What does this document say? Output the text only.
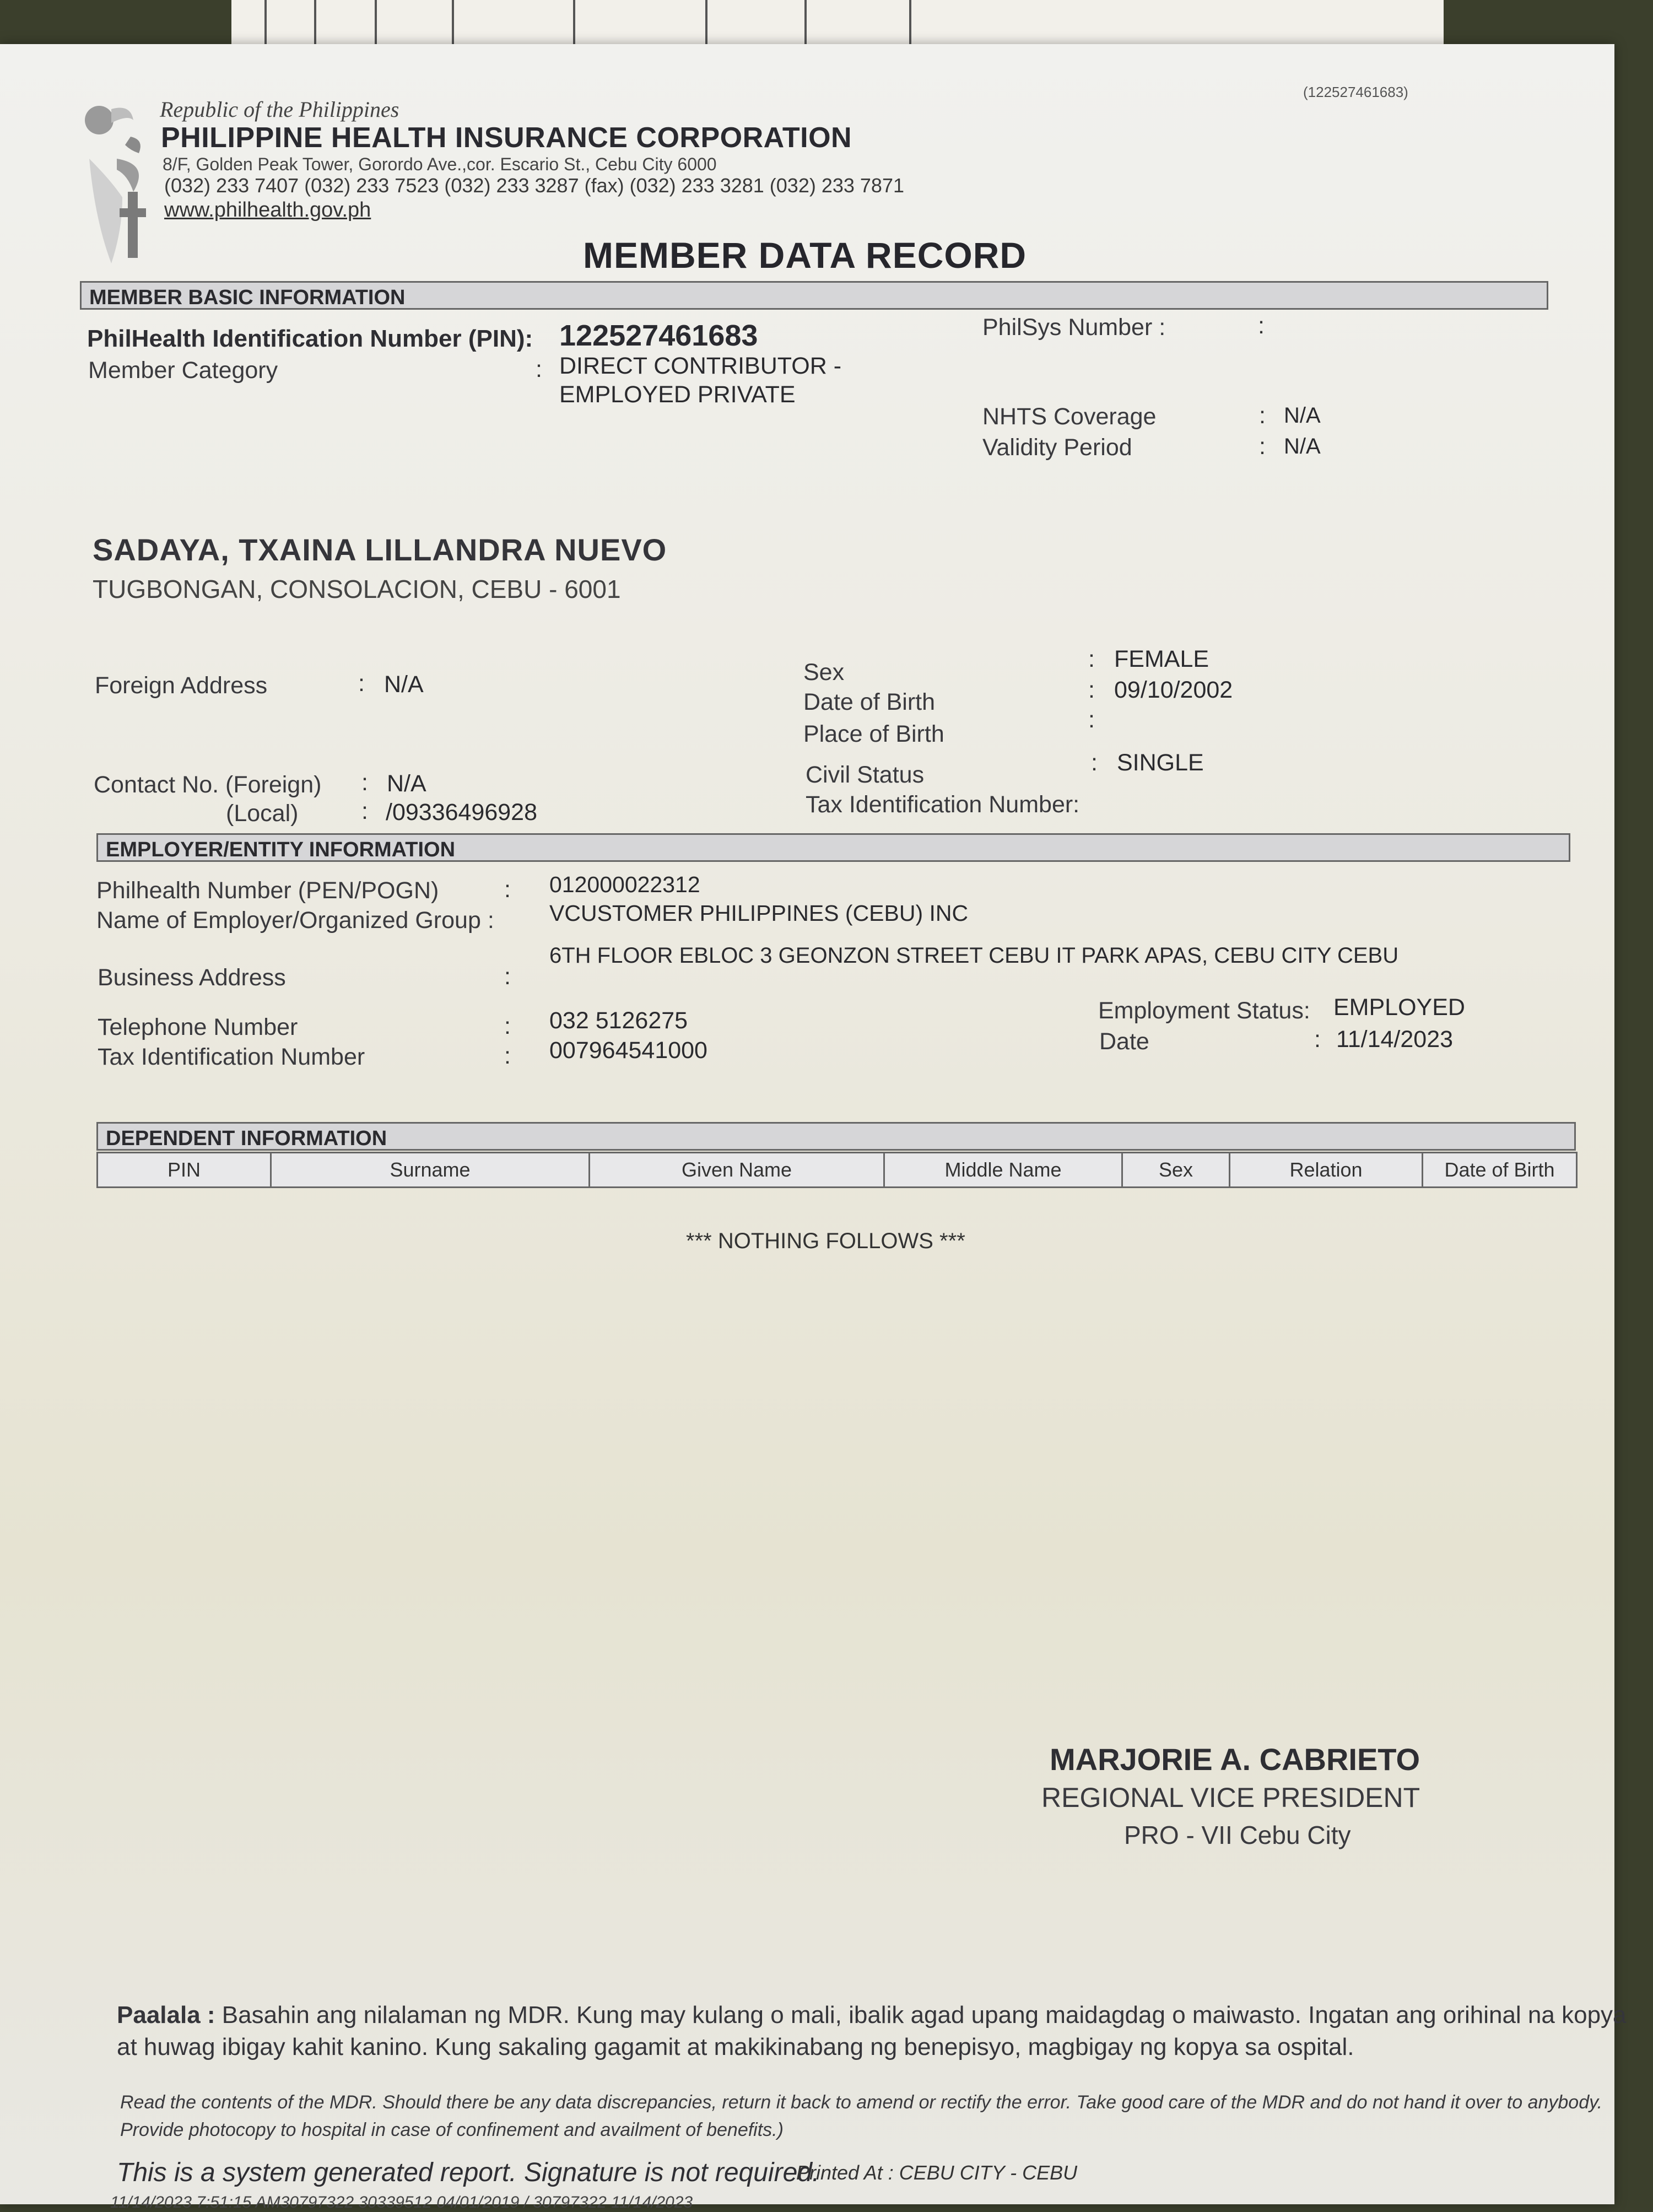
(122527461683)
Republic of the Philippines
PHILIPPINE HEALTH INSURANCE CORPORATION
8/F, Golden Peak Tower, Gorordo Ave.,cor. Escario St., Cebu City 6000
(032) 233 7407 (032) 233 7523 (032) 233 3287 (fax) (032) 233 3281 (032) 233 7871
www.philhealth.gov.ph
MEMBER DATA RECORD
MEMBER BASIC INFORMATION
PhilHealth Identification Number (PIN): 122527461683	PhilSys Number :	:
Member Category	: DIRECT CONTRIBUTOR -
EMPLOYED PRIVATE
NHTS Coverage	: N/A
Validity Period	: N/A
SADAYA, TXAINA LILLANDRA NUEVO
TUGBONGAN, CONSOLACION, CEBU - 6001
Foreign Address	: N/A	Sex	: FEMALE
Date of Birth	: 09/10/2002
Place of Birth
:
Contact No. (Foreign) : N/A
(Local)	: /09336496928
Civil Status	: SINGLE
Tax Identification Number:
EMPLOYER/ENTITY INFORMATION
Philhealth Number (PEN/POGN)	: 012000022312
Name of Employer/Organized Group : VCUSTOMER PHILIPPINES (CEBU) INC
Business Address	:
6TH FLOOR EBLOC 3 GEONZON STREET CEBU IT PARK APAS, CEBU CITY CEBU
Telephone Number	: 032 5126275
Tax Identification Number	: 007964541000
Employment Status: EMPLOYED
Date	: 11/14/2023
DEPENDENT INFORMATION
PIN	Surname	Given Name	Middle Name	Sex	Relation	Date of Birth
*** NOTHING FOLLOWS ***
MARJORIE A. CABRIETO
REGIONAL VICE PRESIDENT
PRO - VII Cebu City
Paalala : Basahin ang nilalaman ng MDR. Kung may kulang o mali, ibalik agad upang maidagdag o maiwasto. Ingatan ang orihinal na kopya at huwag ibigay kahit kanino. Kung sakaling gagamit at makikinabang ng benepisyo, magbigay ng kopya sa ospital.
Read the contents of the MDR. Should there be any data discrepancies, return it back to amend or rectify the error. Take good care of the MDR and do not hand it over to anybody. Provide photocopy to hospital in case of confinement and availment of benefits.)
This is a system generated report. Signature is not required.
Printed At : CEBU CITY - CEBU
11/14/2023 7:51:15 AM30797322 30339512 04/01/2019 / 30797322 11/14/2023
